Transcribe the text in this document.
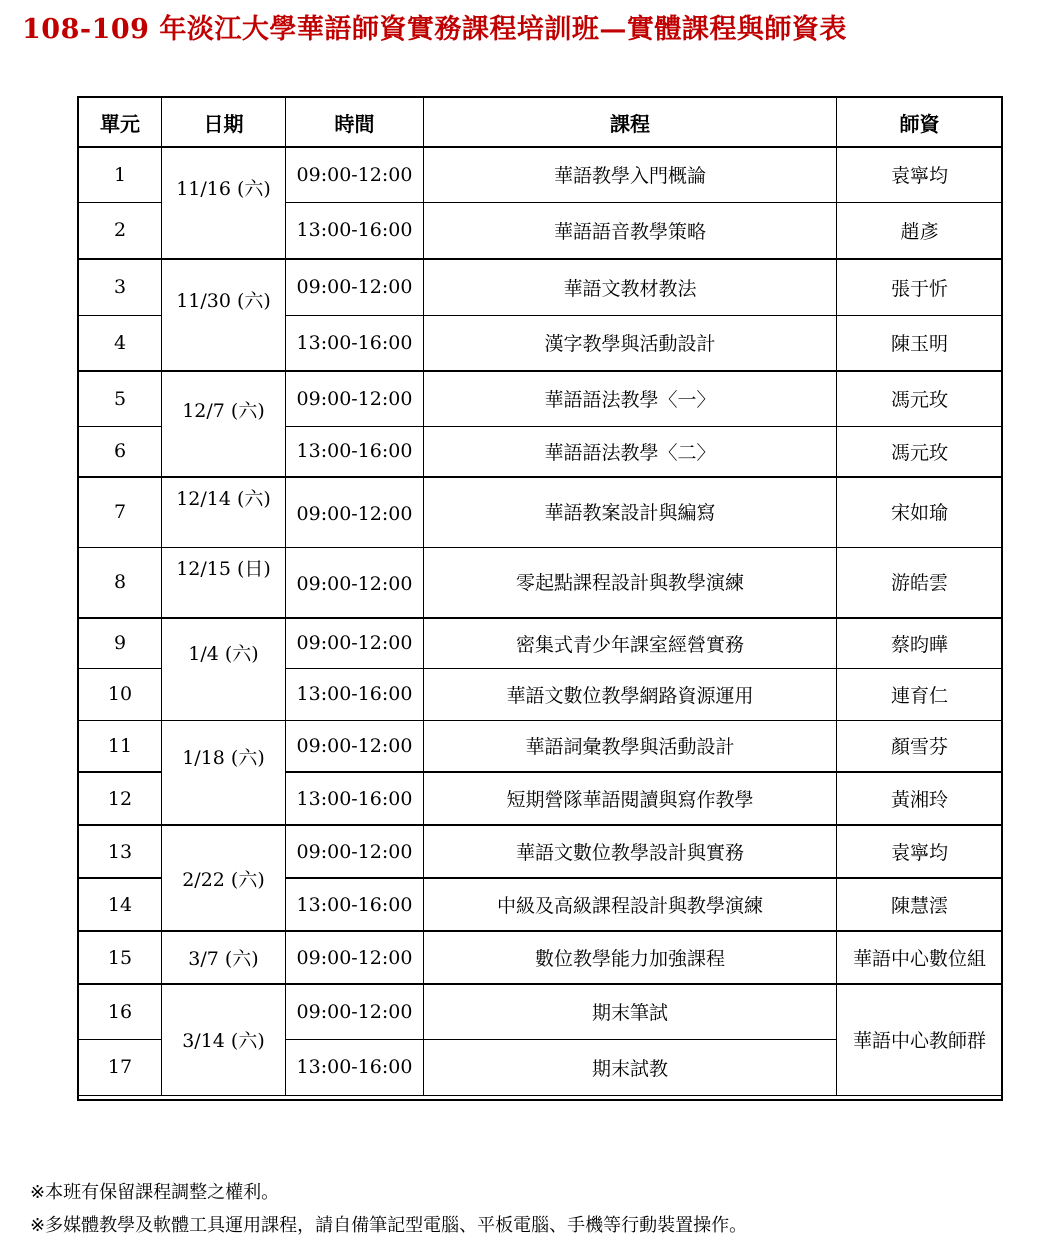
108-109 年淡江大學華語師資實務課程培訓班—實體課程與師資表
單元	日期	時間	課程	師資
1	11/16 (六)	09:00-12:00	華語教學入門概論	袁寧均
2		13:00-16:00	華語語音教學策略	趙彥
3	11/30 (六)	09:00-12:00	華語文教材教法	張于忻
4		13:00-16:00	漢字教學與活動設計	陳玉明
5	12/7 (六)	09:00-12:00	華語語法教學〈一〉	馮元玫
6		13:00-16:00	華語語法教學〈二〉	馮元玫
7	12/14 (六)	09:00-12:00	華語教案設計與編寫	宋如瑜
8	12/15 (日)	09:00-12:00	零起點課程設計與教學演練	游皓雲
9	1/4 (六)	09:00-12:00	密集式青少年課室經營實務	蔡昀曄
10		13:00-16:00	華語文數位教學網路資源運用	連育仁
11	1/18 (六)	09:00-12:00	華語詞彙教學與活動設計	顏雪芬
12		13:00-16:00	短期營隊華語閱讀與寫作教學	黃湘玲
13	2/22 (六)	09:00-12:00	華語文數位教學設計與實務	袁寧均
14		13:00-16:00	中級及高級課程設計與教學演練	陳慧澐
15	3/7 (六)	09:00-12:00	數位教學能力加強課程	華語中心數位組
16	3/14 (六)	09:00-12:00	期末筆試	華語中心教師群
17		13:00-16:00	期末試教	
※本班有保留課程調整之權利。
※多媒體教學及軟體工具運用課程，請自備筆記型電腦、平板電腦、手機等行動裝置操作。
